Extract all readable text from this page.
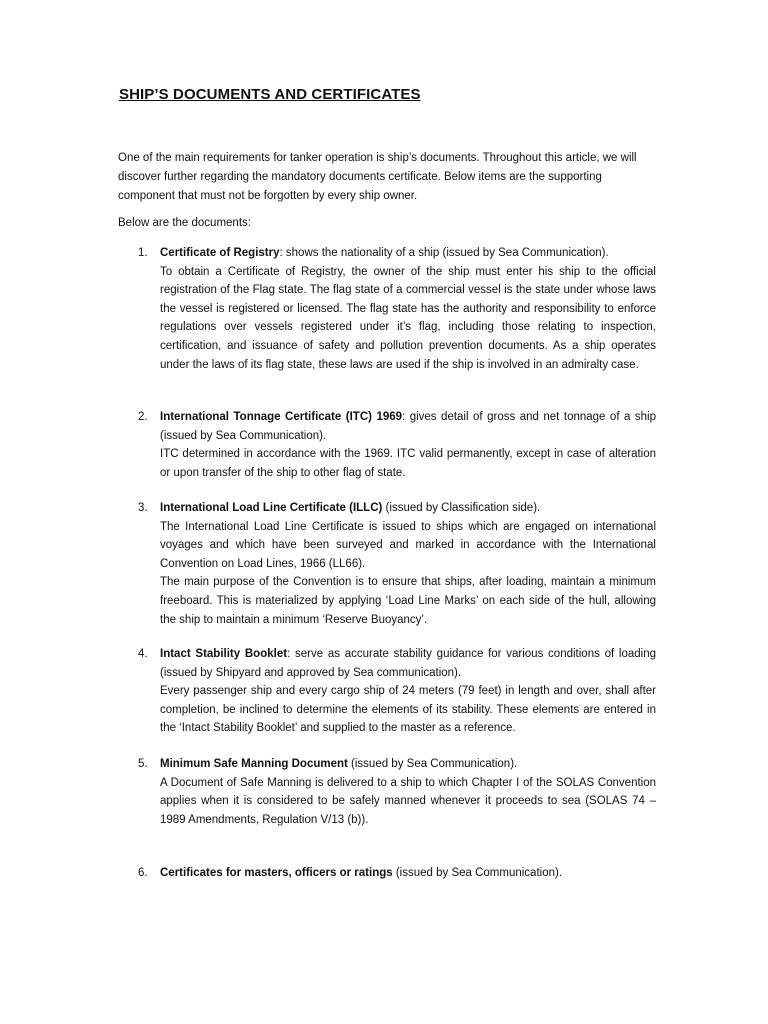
SHIP’S DOCUMENTS AND CERTIFICATES

One of the main requirements for tanker operation is ship’s documents. Throughout this article, we will discover further regarding the mandatory documents certificate. Below items are the supporting component that must not be forgotten by every ship owner.

Below are the documents:

1. Certificate of Registry: shows the nationality of a ship (issued by Sea Communication).

To obtain a Certificate of Registry, the owner of the ship must enter his ship to the official registration of the Flag state. The flag state of a commercial vessel is the state under whose laws the vessel is registered or licensed. The flag state has the authority and responsibility to enforce regulations over vessels registered under it’s flag, including those relating to inspection, certification, and issuance of safety and pollution prevention documents. As a ship operates under the laws of its flag state, these laws are used if the ship is involved in an admiralty case.

2. International Tonnage Certificate (ITC) 1969: gives detail of gross and net tonnage of a ship (issued by Sea Communication).

ITC determined in accordance with the 1969. ITC valid permanently, except in case of alteration or upon transfer of the ship to other flag of state.

3. International Load Line Certificate (ILLC) (issued by Classification side).

The International Load Line Certificate is issued to ships which are engaged on international voyages and which have been surveyed and marked in accordance with the International Convention on Load Lines, 1966 (LL66).

The main purpose of the Convention is to ensure that ships, after loading, maintain a minimum freeboard. This is materialized by applying ‘Load Line Marks’ on each side of the hull, allowing the ship to maintain a minimum ‘Reserve Buoyancy’.

4. Intact Stability Booklet: serve as accurate stability guidance for various conditions of loading (issued by Shipyard and approved by Sea communication).

Every passenger ship and every cargo ship of 24 meters (79 feet) in length and over, shall after completion, be inclined to determine the elements of its stability. These elements are entered in the ‘Intact Stability Booklet’ and supplied to the master as a reference.

5. Minimum Safe Manning Document (issued by Sea Communication).

A Document of Safe Manning is delivered to a ship to which Chapter I of the SOLAS Convention applies when it is considered to be safely manned whenever it proceeds to sea (SOLAS 74 – 1989 Amendments, Regulation V/13 (b)).

6. Certificates for masters, officers or ratings (issued by Sea Communication).
